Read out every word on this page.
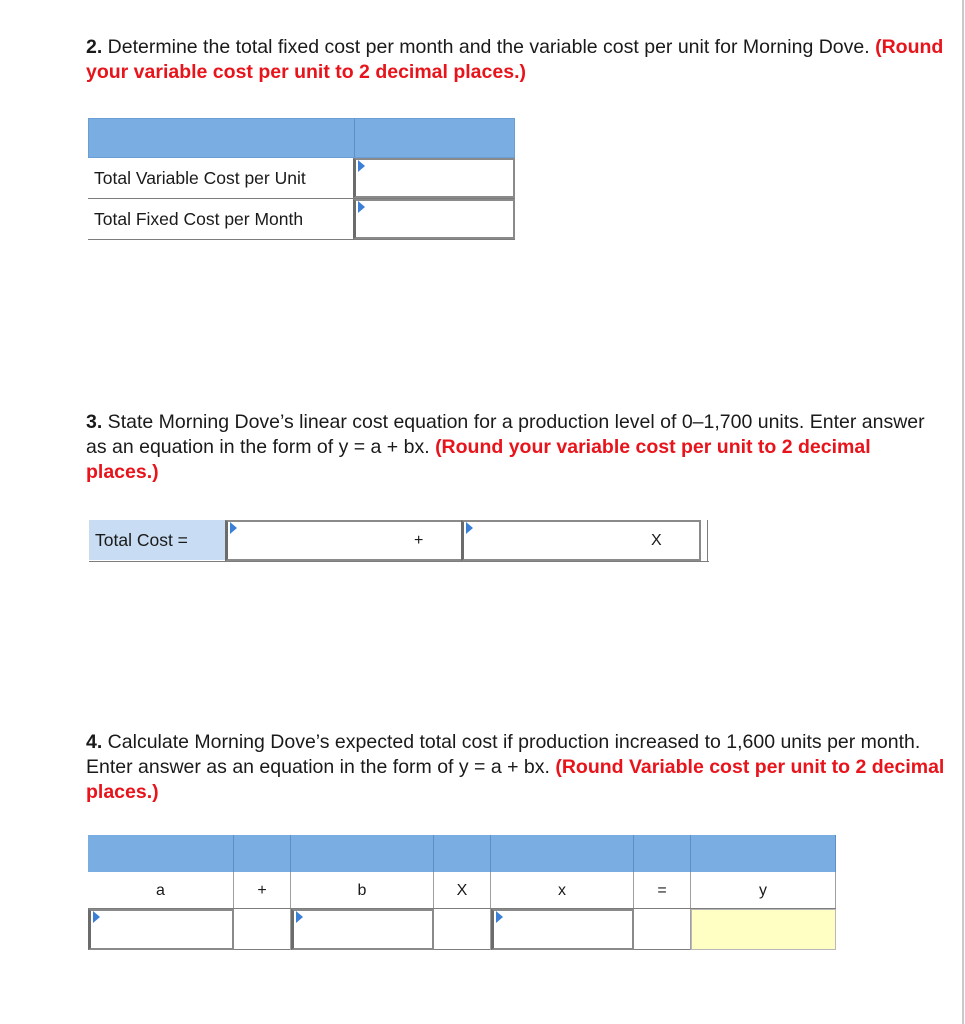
2. Determine the total fixed cost per month and the variable cost per unit for Morning Dove. (Round your variable cost per unit to 2 decimal places.)
Total Variable Cost per Unit
Total Fixed Cost per Month
3. State Morning Dove’s linear cost equation for a production level of 0–1,700 units. Enter answer as an equation in the form of y = a + bx. (Round your variable cost per unit to 2 decimal places.)
Total Cost =	+	X
4. Calculate Morning Dove’s expected total cost if production increased to 1,600 units per month. Enter answer as an equation in the form of y = a + bx. (Round Variable cost per unit to 2 decimal places.)
a	+	b	X	x	=	y
